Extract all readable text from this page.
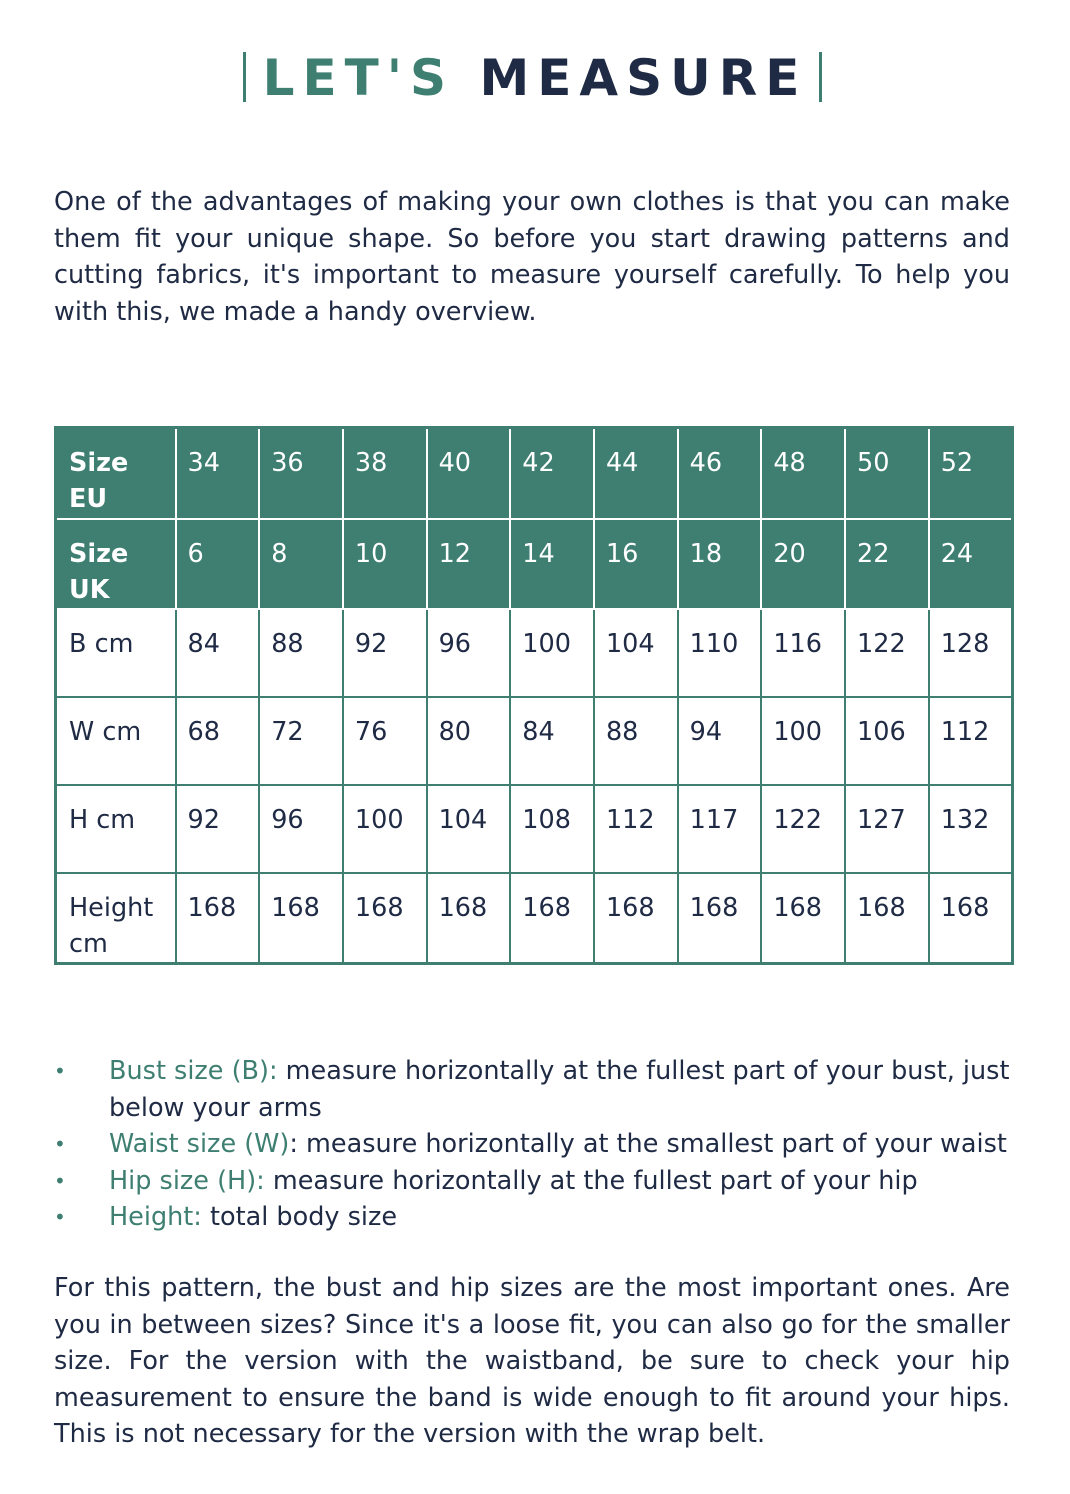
LET'S MEASURE

One of the advantages of making your own clothes is that you can make them fit your unique shape. So before you start drawing patterns and cutting fabrics, it's important to measure yourself carefully. To help you with this, we made a handy overview.

Size EU	34	36	38	40	42	44	46	48	50	52
Size UK	6	8	10	12	14	16	18	20	22	24
B cm	84	88	92	96	100	104	110	116	122	128
W cm	68	72	76	80	84	88	94	100	106	112
H cm	92	96	100	104	108	112	117	122	127	132
Height cm	168	168	168	168	168	168	168	168	168	168
• Bust size (B): measure horizontally at the fullest part of your bust, just below your arms
• Waist size (W): measure horizontally at the smallest part of your waist
• Hip size (H): measure horizontally at the fullest part of your hip
• Height: total body size

For this pattern, the bust and hip sizes are the most important ones. Are you in between sizes? Since it's a loose fit, you can also go for the smaller size. For the version with the waistband, be sure to check your hip measurement to ensure the band is wide enough to fit around your hips. This is not necessary for the version with the wrap belt.
